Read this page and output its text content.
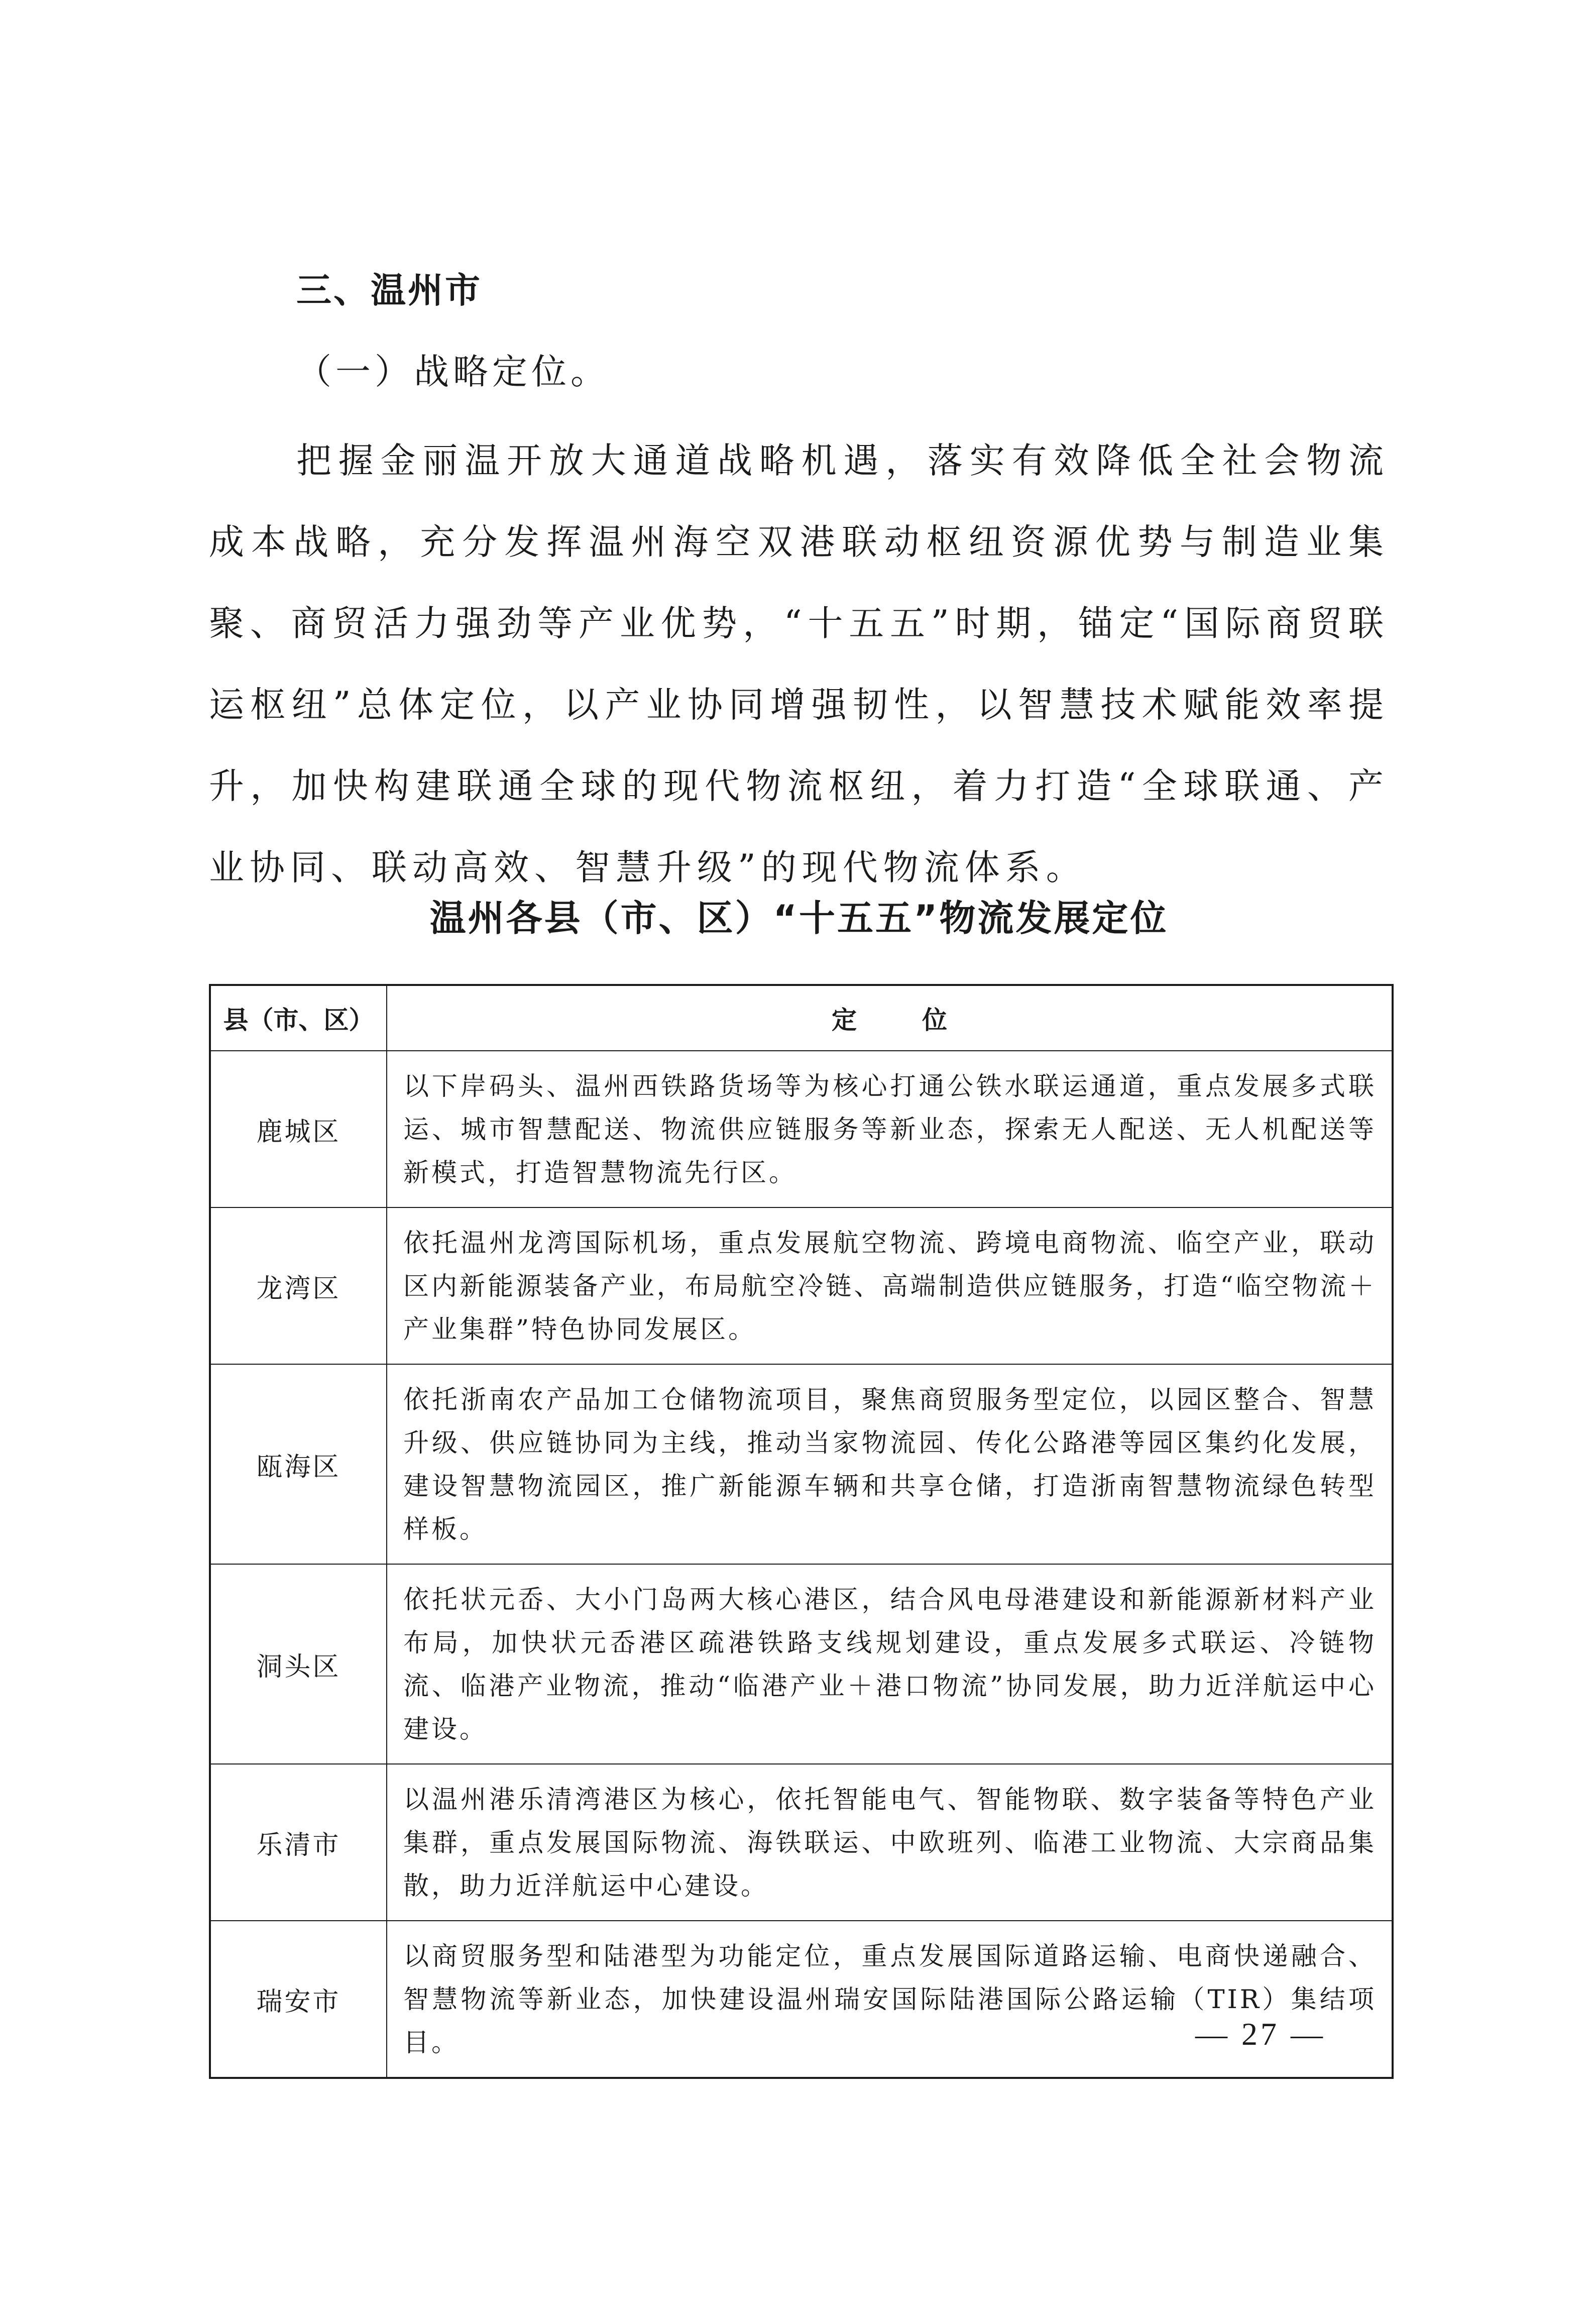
三、温州市

（一）战略定位。

把握金丽温开放大通道战略机遇，落实有效降低全社会物流成本战略，充分发挥温州海空双港联动枢纽资源优势与制造业集聚、商贸活力强劲等产业优势，“十五五”时期，锚定“国际商贸联运枢纽”总体定位，以产业协同增强韧性，以智慧技术赋能效率提升，加快构建联通全球的现代物流枢纽，着力打造“全球联通、产业协同、联动高效、智慧升级”的现代物流体系。

温州各县（市、区）“十五五”物流发展定位
县（市、区）	定位
鹿城区	以下岸码头、温州西铁路货场等为核心打通公铁水联运通道，重点发展多式联运、城市智慧配送、物流供应链服务等新业态，探索无人配送、无人机配送等新模式，打造智慧物流先行区。
龙湾区	依托温州龙湾国际机场，重点发展航空物流、跨境电商物流、临空产业，联动区内新能源装备产业，布局航空冷链、高端制造供应链服务，打造“临空物流＋产业集群”特色协同发展区。
瓯海区	依托浙南农产品加工仓储物流项目，聚焦商贸服务型定位，以园区整合、智慧升级、供应链协同为主线，推动当家物流园、传化公路港等园区集约化发展，建设智慧物流园区，推广新能源车辆和共享仓储，打造浙南智慧物流绿色转型样板。
洞头区	依托状元岙、大小门岛两大核心港区，结合风电母港建设和新能源新材料产业布局，加快状元岙港区疏港铁路支线规划建设，重点发展多式联运、冷链物流、临港产业物流，推动“临港产业＋港口物流”协同发展，助力近洋航运中心建设。
乐清市	以温州港乐清湾港区为核心，依托智能电气、智能物联、数字装备等特色产业集群，重点发展国际物流、海铁联运、中欧班列、临港工业物流、大宗商品集散，助力近洋航运中心建设。
瑞安市	以商贸服务型和陆港型为功能定位，重点发展国际道路运输、电商快递融合、智慧物流等新业态，加快建设温州瑞安国际陆港国际公路运输（TIR）集结项目。	— 27 —
